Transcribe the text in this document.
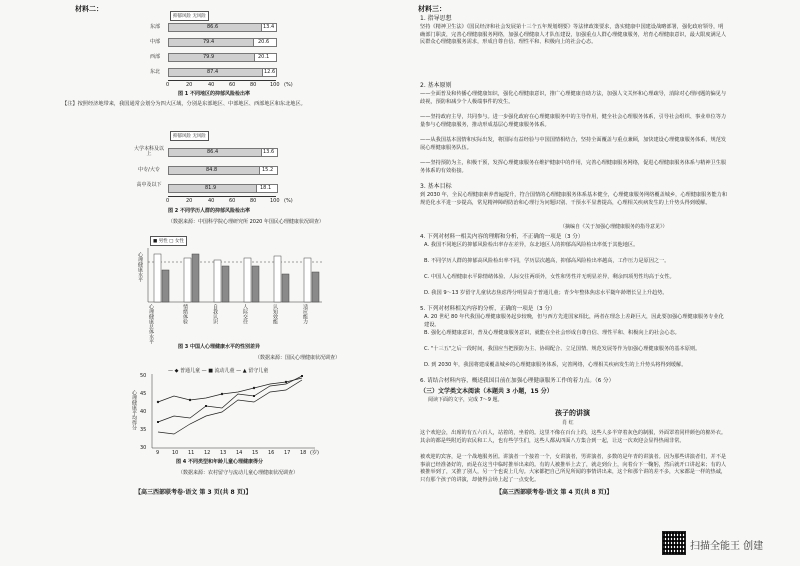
材料二：
抑郁风险 无风险
东部	86.6	13.4
中部	79.4	20.6
西部	79.9	20.1
东北	87.4	12.6
0	20	40	60	80	100 (%)
图 1 不同地区的抑郁风险检出率
【注】按照经济地带来，我国通常会划分为四大区域，分别是东部地区、中部地区、西部地区和东北地区。
抑郁风险 无风险
大学本科及以上	86.4	13.6
中专/大专	84.8	15.2
高中及以下	81.9	18.1
0	20	40	60	80	100 (%)
图 2 不同学历人群的抑郁风险检出率
（数据来源：中国科学院心理研究所 2020 年国民心理健康状况调查）
■ 男性 □ 女性
心理健康水平
心理健康总体水平	情绪体验	自我认识	人际交往	认知效能	适应能力
图 3 中国人心理健康水平的性别差异
（数据来源：国民心理健康状况调查）
— ◆ 普通儿童 — ■ 流动儿童 — ▲ 留守儿童
心理健康平均得分
50
45
40
35
30
9	10 11 12 13 14 15 16 17 18 (岁)
图 4 不同类型和年龄儿童心理健康得分
（数据来源：农村留守与流动儿童心理健康状况调查）
【高三西部联考卷·语文 第 3 页(共 8 页)】
材料三：
1. 指导思想
坚持《精神卫生法》《国民经济和社会发展第十三个五年规划纲要》等法律政策要求，落实健康中国建设战略部署，强化政府领导，明确部门职责，完善心理健康服务网络，加强心理健康人才队伍建设，加强重点人群心理健康服务，培育心理健康意识，最大限度满足人民群众心理健康服务需求，形成自尊自信、理性平和、积极向上的社会心态。
2. 基本原则
——全面普及和传播心理健康知识，强化心理健康意识，推广心理健康自助方法，加强人文关怀和心理疏导，消除对心理问题的偏见与歧视，预防和减少个人极端事件的发生。
——坚持政府主导，共同参与。进一步强化政府在心理健康服务中的主导作用，健全社会心理服务体系，引导社会组织、事业单位等力量参与心理健康服务，推动形成基层心理健康服务体系。
——从我国基本国情和实际出发，将国际有益经验与中国国情相结合，坚持全面覆盖与重点兼顾，加快建设心理健康服务体系，规范发展心理健康服务队伍。
——坚持预防为主，积极干预，发挥心理健康服务在维护健康中的作用，完善心理健康服务网络，促进心理健康服务体系与精神卫生服务体系的有效衔接。
3. 基本目标
到 2030 年，全民心理健康素养普遍提升，符合国情的心理健康服务体系基本健全，心理健康服务网络覆盖城乡，心理健康服务能力和规范化水平进一步提高，常见精神障碍防治和心理行为问题识别、干预水平显著提高，心理相关疾病发生的上升势头得到缓解。
（摘编自《关于加强心理健康服务的指导意见》）
4. 下列对材料一相关内容的理解和分析，不正确的一项是（3 分）
A. 我国不同地区的抑郁风险检出率存在差异，东北地区人的抑郁高风险检出率低于其他地区。
B. 不同学历人群的抑郁高风险检出率不同，学历层次越高，抑郁高风险检出率越高，工作压力是原因之一。
C. 中国人心理健康水平除情绪体验、人际交往两项外，女性和男性并无明显差异，剩余四项男性均高于女性。
D. 我国 9～13 岁留守儿童状态焦虑得分明显高于普通儿童；青少年整体焦虑水平随年龄增长呈上升趋势。
5. 下列对材料相关内容的分析，正确的一项是（3 分）
A. 20 世纪 80 年代我国心理健康服务起步较晚，但与西方先进国家相比，两者在理念上差距巨大，因此要加强心理健康服务专业化建设。
B. 强化心理健康意识，普及心理健康服务意识，就能在全社会形成自尊自信、理性平和、积极向上的社会心态。
C. "十三五"之后一段时间，我国应当把预防为主、协调配合、立足国情、规范发展等作为加强心理健康服务的基本原则。
D. 到 2030 年，我国将建成覆盖城乡的心理健康服务体系，完善网络，心理相关疾病发生的上升势头将得到缓解。
6. 请结合材料内容，概述我国目前在加强心理健康服务工作的着力点。（6 分）
（三）文学类文本阅读（本题共 3 小题，15 分）
阅读下面的文字，完成 7～9 题。
孩子的讲演
肖 红
这个欢迎会，出席的有五六百人，站着的，坐着的。这里不像在百台上的，这些人多半穿着灰色的制服，外面罩着同样颜色的棉外衣。其余的都是些附近的农民和工人，也有些学生们，这些人都从四面八方集合到一起，让这一次欢迎会显得热闹非常。
被欢迎的宾客，是一个战地服务团。讲演者一个接着一个，女讲演者，男讲演者，多数的是年青的讲演者。因为那些讲演者们，并不是事前已经准备好的，而是在这当中临时推举出来的。有的人被推举上去了，就走到台上，向着台下一鞠躬，然后就开口讲起来；有的人被推举到了，又推了别人，另一个也说上几句。大家都把自己所见所闻的事情讲出来，这个和那个讲的差不多，大家都是一样的热诚，只有那个孩子的讲演，却使得会场上起了一点变化。
【高三西部联考卷·语文 第 4 页(共 8 页)】
扫描全能王 创建
